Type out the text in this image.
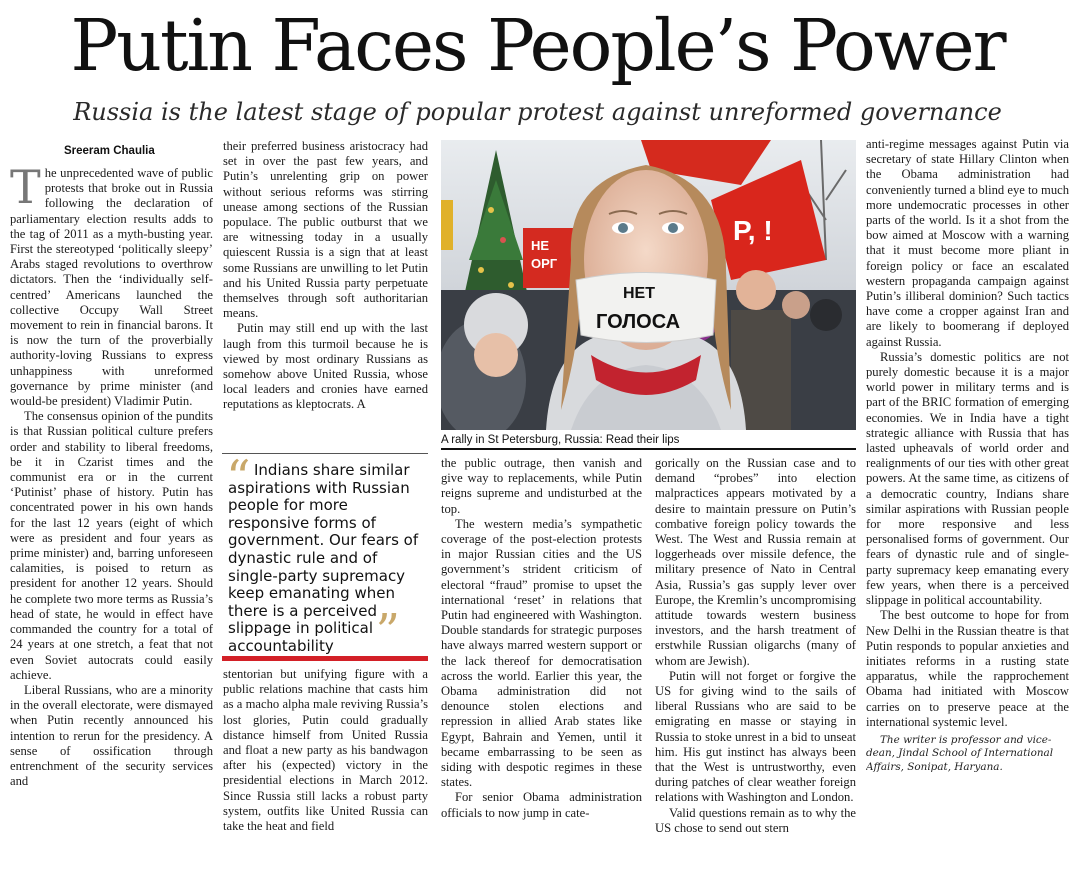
Putin Faces People’s Power
Russia is the latest stage of popular protest against unreformed governance
Sreeram Chaulia

The unprecedented wave of public protests that broke out in Russia following the declaration of parliamentary election results adds to the tag of 2011 as a myth-busting year. First the stereotyped ‘politically sleepy’ Arabs staged revolutions to overthrow dictators. Then the ‘individually self-centred’ Americans launched the collective Occupy Wall Street movement to rein in financial barons. It is now the turn of the proverbially authority-loving Russians to express unhappiness with unreformed governance by prime minister (and would-be president) Vladimir Putin.

The consensus opinion of the pundits is that Russian political culture prefers order and stability to liberal freedoms, be it in Czarist times and the communist era or in the current ‘Putinist’ phase of history. Putin has concentrated power in his own hands for the last 12 years (eight of which were as president and four years as prime minister) and, barring unforeseen calamities, is poised to return as president for another 12 years. Should he complete two more terms as Russia’s head of state, he would in effect have commanded the country for a total of 24 years at one stretch, a feat that not even Soviet autocrats could easily achieve.

Liberal Russians, who are a minority in the overall electorate, were dismayed when Putin recently announced his intention to rerun for the presidency. A sense of ossification through entrenchment of the security services and

their preferred business aristocracy had set in over the past few years, and Putin’s unrelenting grip on power without serious reforms was stirring unease among sections of the Russian populace. The public outburst that we are witnessing today in a usually quiescent Russia is a sign that at least some Russians are unwilling to let Putin and his United Russia party perpetuate themselves through soft authoritarian means.

Putin may still end up with the last laugh from this turmoil because he is viewed by most ordinary Russians as somehow above United Russia, whose local leaders and cronies have earned reputations as kleptocrats. A

“ Indians share similar aspirations with Russian people for more responsive forms of government. Our fears of dynastic rule and of single-party supremacy keep emanating when there is a perceived slippage in political accountability ”

stentorian but unifying figure with a public relations machine that casts him as a macho alpha male reviving Russia’s lost glories, Putin could gradually distance himself from United Russia and float a new party as his bandwagon after his (expected) victory in the presidential elections in March 2012. Since Russia still lacks a robust party system, outfits like United Russia can take the heat and field

Р, !
НЕ
ОРГ
НЕТ
ГОЛОСА
A rally in St Petersburg, Russia: Read their lips

the public outrage, then vanish and give way to replacements, while Putin reigns supreme and undisturbed at the top.

The western media’s sympathetic coverage of the post-election protests in major Russian cities and the US government’s strident criticism of electoral “fraud” promise to upset the international ‘reset’ in relations that Putin had engineered with Washington. Double standards for strategic purposes have always marred western support or the lack thereof for democratisation across the world. Earlier this year, the Obama administration did not denounce stolen elections and repression in allied Arab states like Egypt, Bahrain and Yemen, until it became embarrassing to be seen as siding with despotic regimes in these states.

For senior Obama administration officials to now jump in cate-

gorically on the Russian case and to demand “probes” into election malpractices appears motivated by a desire to maintain pressure on Putin’s combative foreign policy towards the West. The West and Russia remain at loggerheads over missile defence, the military presence of Nato in Central Asia, Russia’s gas supply lever over Europe, the Kremlin’s uncompromising attitude towards western business investors, and the harsh treatment of erstwhile Russian oligarchs (many of whom are Jewish).

Putin will not forget or forgive the US for giving wind to the sails of liberal Russians who are said to be emigrating en masse or staying in Russia to stoke unrest in a bid to unseat him. His gut instinct has always been that the West is untrustworthy, even during patches of clear weather foreign relations with Washington and London.

Valid questions remain as to why the US chose to send out stern

anti-regime messages against Putin via secretary of state Hillary Clinton when the Obama administration had conveniently turned a blind eye to much more undemocratic processes in other parts of the world. Is it a shot from the bow aimed at Moscow with a warning that it must become more pliant in foreign policy or face an escalated western propaganda campaign against Putin’s illiberal dominion? Such tactics have come a cropper against Iran and are likely to boomerang if deployed against Russia.

Russia’s domestic politics are not purely domestic because it is a major world power in military terms and is part of the BRIC formation of emerging economies. We in India have a tight strategic alliance with Russia that has lasted upheavals of world order and realignments of our ties with other great powers. At the same time, as citizens of a democratic country, Indians share similar aspirations with Russian people for more responsive and less personalised forms of government. Our fears of dynastic rule and of single-party supremacy keep emanating every few years, when there is a perceived slippage in political accountability.

The best outcome to hope for from New Delhi in the Russian theatre is that Putin responds to popular anxieties and initiates reforms in a rusting state apparatus, while the rapprochement Obama had initiated with Moscow carries on to preserve peace at the international systemic level.

The writer is professor and vice-dean, Jindal School of International Affairs, Sonipat, Haryana.
